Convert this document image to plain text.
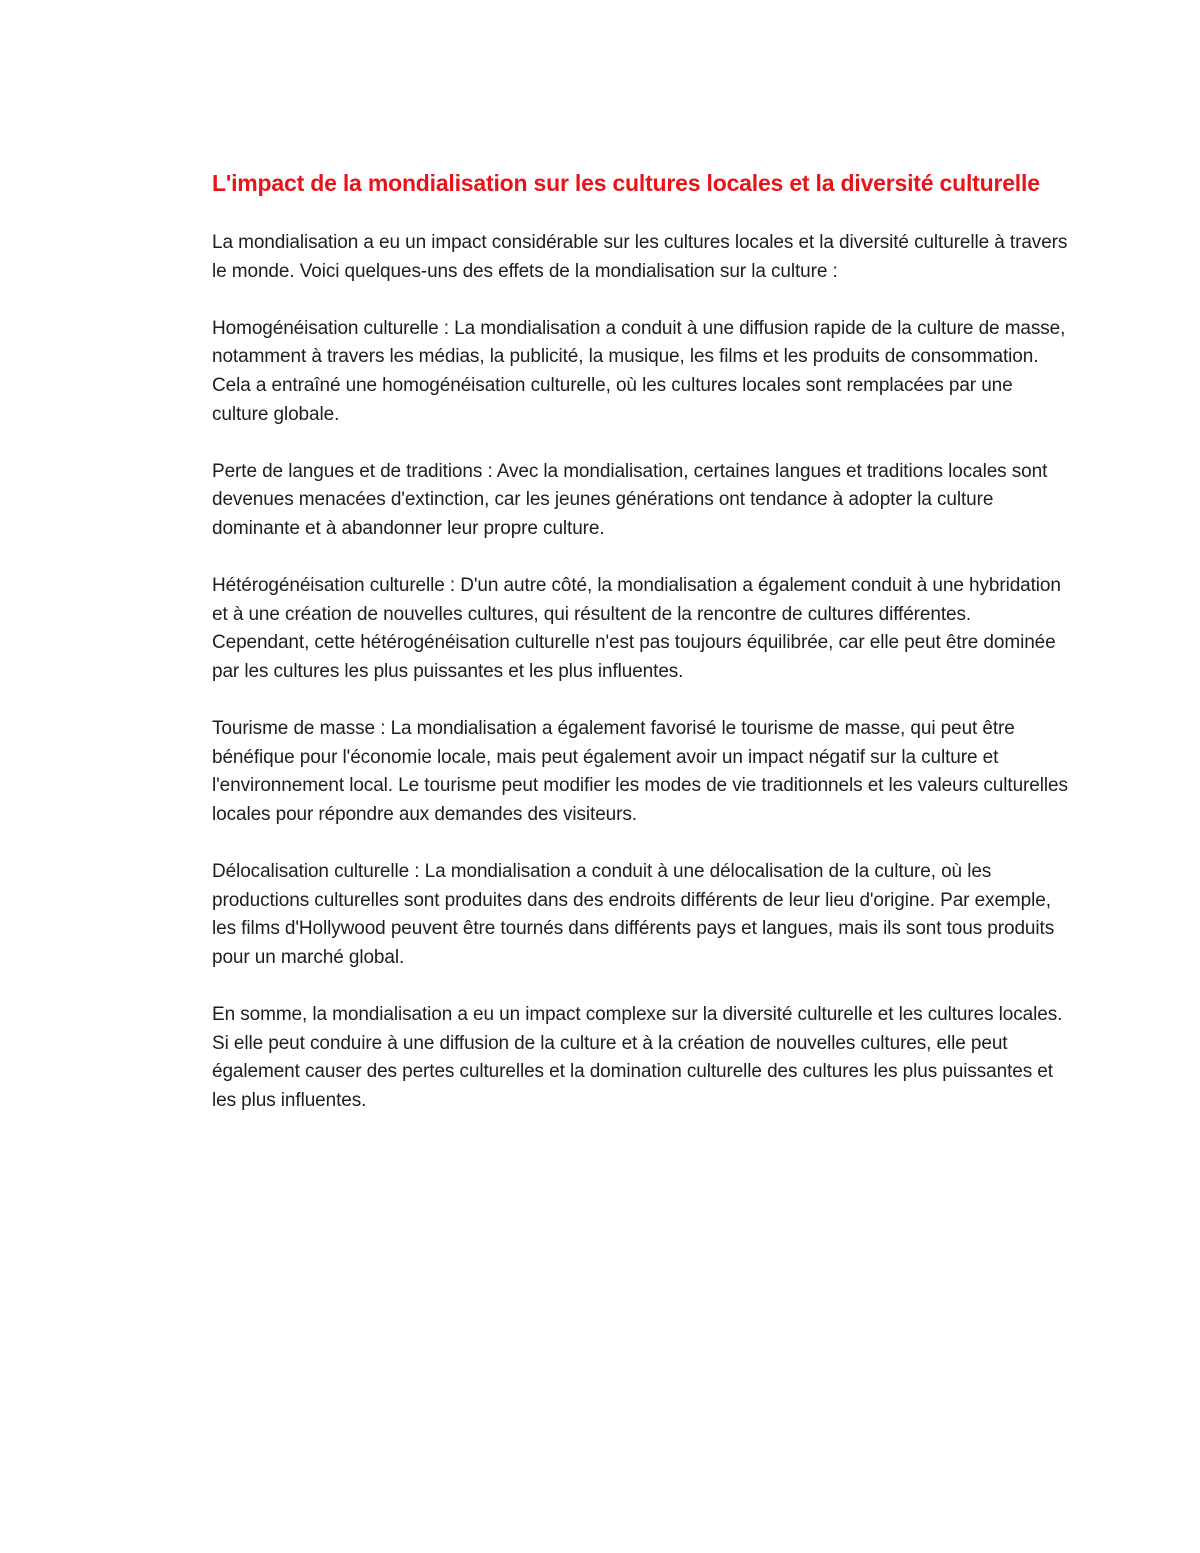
L'impact de la mondialisation sur les cultures locales et la diversité culturelle

La mondialisation a eu un impact considérable sur les cultures locales et la diversité culturelle à travers le monde. Voici quelques-uns des effets de la mondialisation sur la culture :

Homogénéisation culturelle : La mondialisation a conduit à une diffusion rapide de la culture de masse, notamment à travers les médias, la publicité, la musique, les films et les produits de consommation. Cela a entraîné une homogénéisation culturelle, où les cultures locales sont remplacées par une culture globale.

Perte de langues et de traditions : Avec la mondialisation, certaines langues et traditions locales sont devenues menacées d'extinction, car les jeunes générations ont tendance à adopter la culture dominante et à abandonner leur propre culture.

Hétérogénéisation culturelle : D'un autre côté, la mondialisation a également conduit à une hybridation et à une création de nouvelles cultures, qui résultent de la rencontre de cultures différentes. Cependant, cette hétérogénéisation culturelle n'est pas toujours équilibrée, car elle peut être dominée par les cultures les plus puissantes et les plus influentes.

Tourisme de masse : La mondialisation a également favorisé le tourisme de masse, qui peut être bénéfique pour l'économie locale, mais peut également avoir un impact négatif sur la culture et l'environnement local. Le tourisme peut modifier les modes de vie traditionnels et les valeurs culturelles locales pour répondre aux demandes des visiteurs.

Délocalisation culturelle : La mondialisation a conduit à une délocalisation de la culture, où les productions culturelles sont produites dans des endroits différents de leur lieu d'origine. Par exemple, les films d'Hollywood peuvent être tournés dans différents pays et langues, mais ils sont tous produits pour un marché global.

En somme, la mondialisation a eu un impact complexe sur la diversité culturelle et les cultures locales. Si elle peut conduire à une diffusion de la culture et à la création de nouvelles cultures, elle peut également causer des pertes culturelles et la domination culturelle des cultures les plus puissantes et les plus influentes.
